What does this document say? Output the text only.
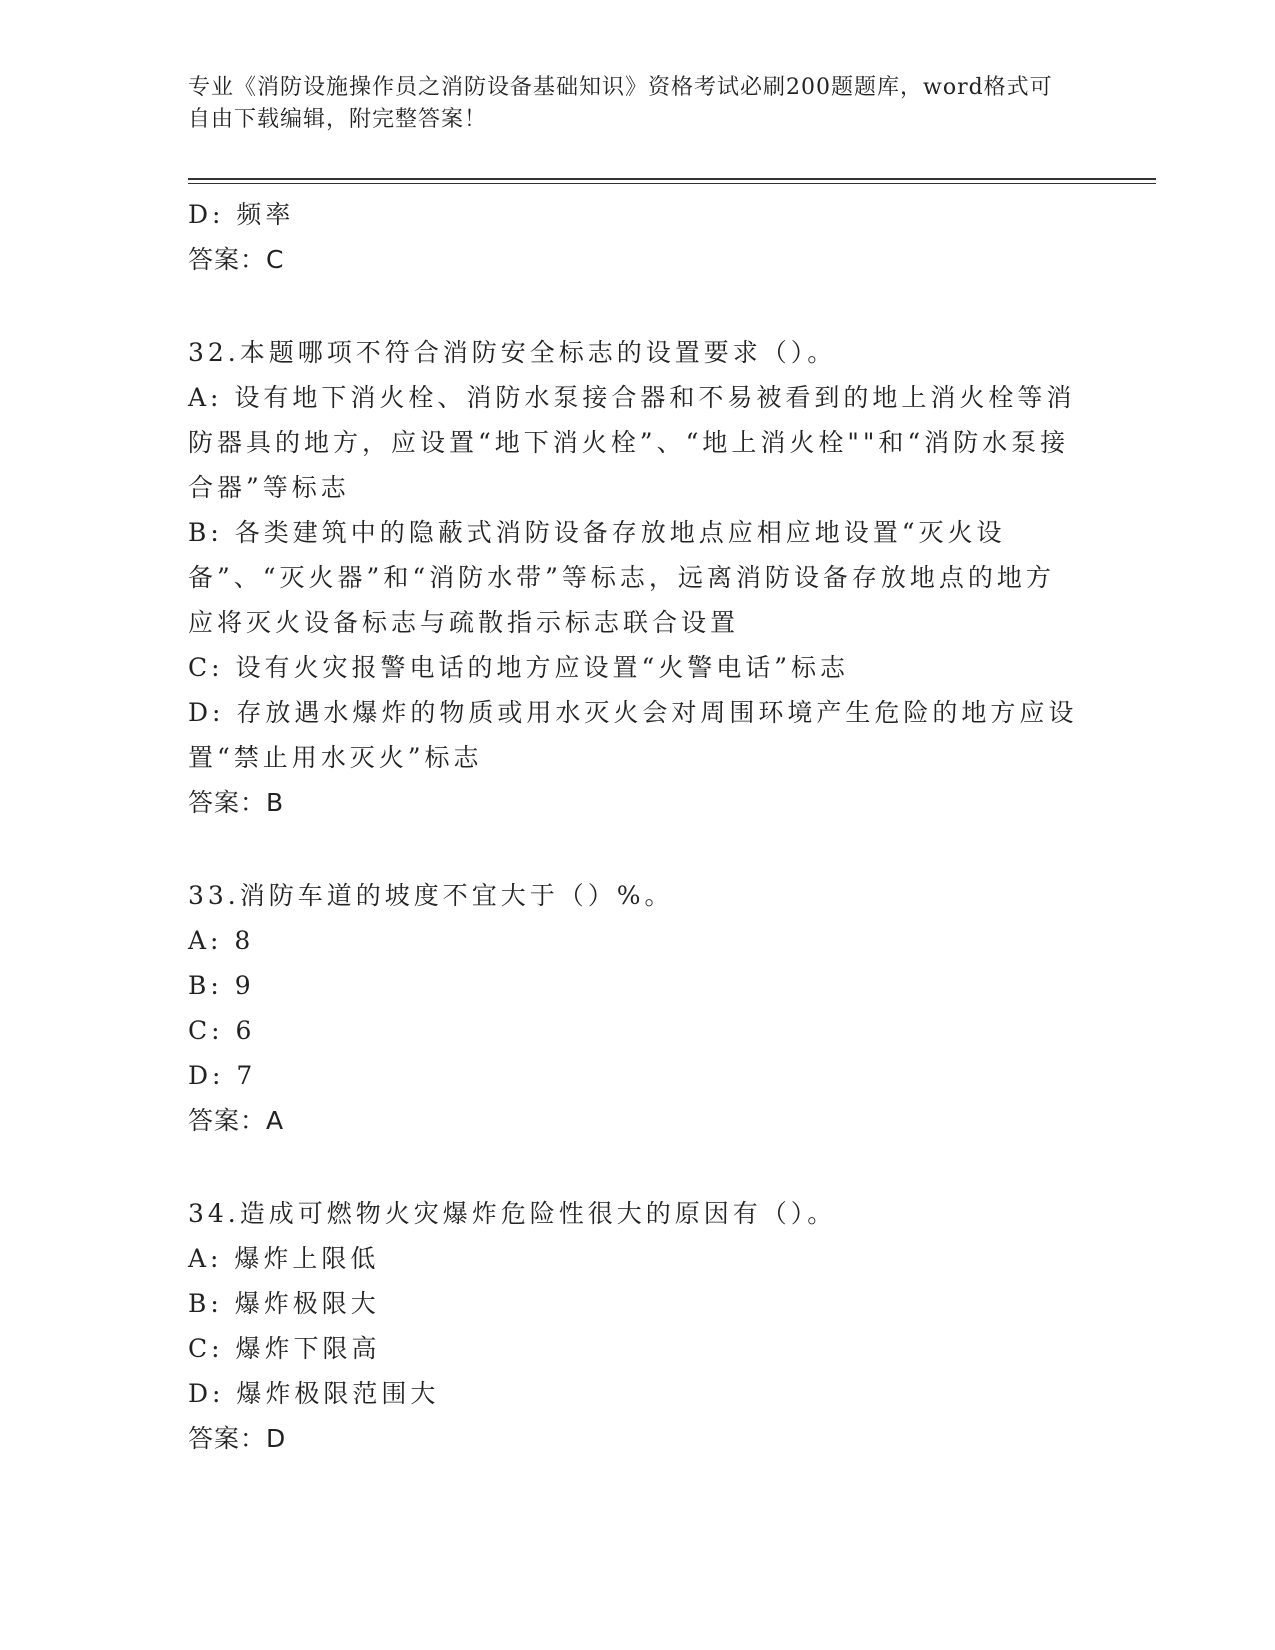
专业《消防设施操作员之消防设备基础知识》资格考试必刷200题题库，word格式可自由下载编辑，附完整答案！
D: 频率
答案：C
32.本题哪项不符合消防安全标志的设置要求（）。
A: 设有地下消火栓、消防水泵接合器和不易被看到的地上消火栓等消防器具的地方，应设置“地下消火栓”、“地上消火栓""和“消防水泵接合器”等标志
B: 各类建筑中的隐蔽式消防设备存放地点应相应地设置“灭火设备”、“灭火器”和“消防水带”等标志，远离消防设备存放地点的地方应将灭火设备标志与疏散指示标志联合设置
C: 设有火灾报警电话的地方应设置“火警电话”标志
D: 存放遇水爆炸的物质或用水灭火会对周围环境产生危险的地方应设置“禁止用水灭火”标志
答案：B
33.消防车道的坡度不宜大于（）%。
A: 8
B: 9
C: 6
D: 7
答案：A
34.造成可燃物火灾爆炸危险性很大的原因有（）。
A: 爆炸上限低
B: 爆炸极限大
C: 爆炸下限高
D: 爆炸极限范围大
答案：D
